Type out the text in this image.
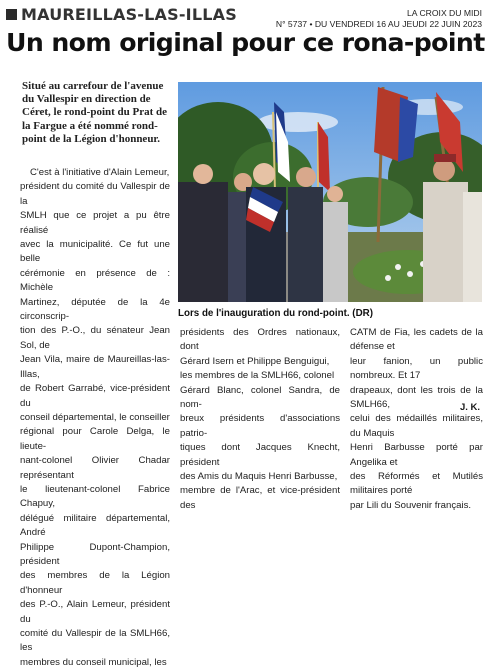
MAUREILLAS-LAS-ILLAS	LA CROIX DU MIDI
N° 5737 • DU VENDREDI 16 AU JEUDI 22 JUIN 2023
Un nom original pour ce rona-point
Situé au carrefour de l'avenue
du Vallespir en direction de
Céret, le rond-point du Prat de
la Fargue a été nommé rond-
point de la Légion d'honneur.
Lors de l'inauguration du rond-point. (DR)

C'est à l'initiative d'Alain Lemeur,

président du comité du Vallespir de la

SMLH que ce projet a pu être réalisé

avec la municipalité. Ce fut une belle

cérémonie en présence de : Michèle

Martinez, députée de la 4e circonscrip-

tion des P.-O., du sénateur Jean Sol, de

Jean Vila, maire de Maureillas-las-Illas,

de Robert Garrabé, vice-président du

conseil départemental, le conseiller

régional pour Carole Delga, le lieute-

nant-colonel Olivier Chadar représentant

le lieutenant-colonel Fabrice Chapuy,

délégué militaire départemental, André

Philippe Dupont-Champion, président

des membres de la Légion d'honneur

des P.-O., Alain Lemeur, président du

comité du Vallespir de la SMLH66, les

membres du conseil municipal, les

présidents des Ordres nationaux, dont

Gérard Isern et Philippe Benguigui,

les membres de la SMLH66, colonel

Gérard Blanc, colonel Sandra, de nom-

breux présidents d'associations patrio-

tiques dont Jacques Knecht, président

des Amis du Maquis Henri Barbusse,

membre de l'Arac, et vice-président des

CATM de Fia, les cadets de la défense et

leur fanion, un public nombreux. Et 17

drapeaux, dont les trois de la SMLH66,

celui des médaillés militaires, du Maquis

Henri Barbusse porté par Angelika et

des Réformés et Mutilés militaires porté

par Lili du Souvenir français.

J. K.
